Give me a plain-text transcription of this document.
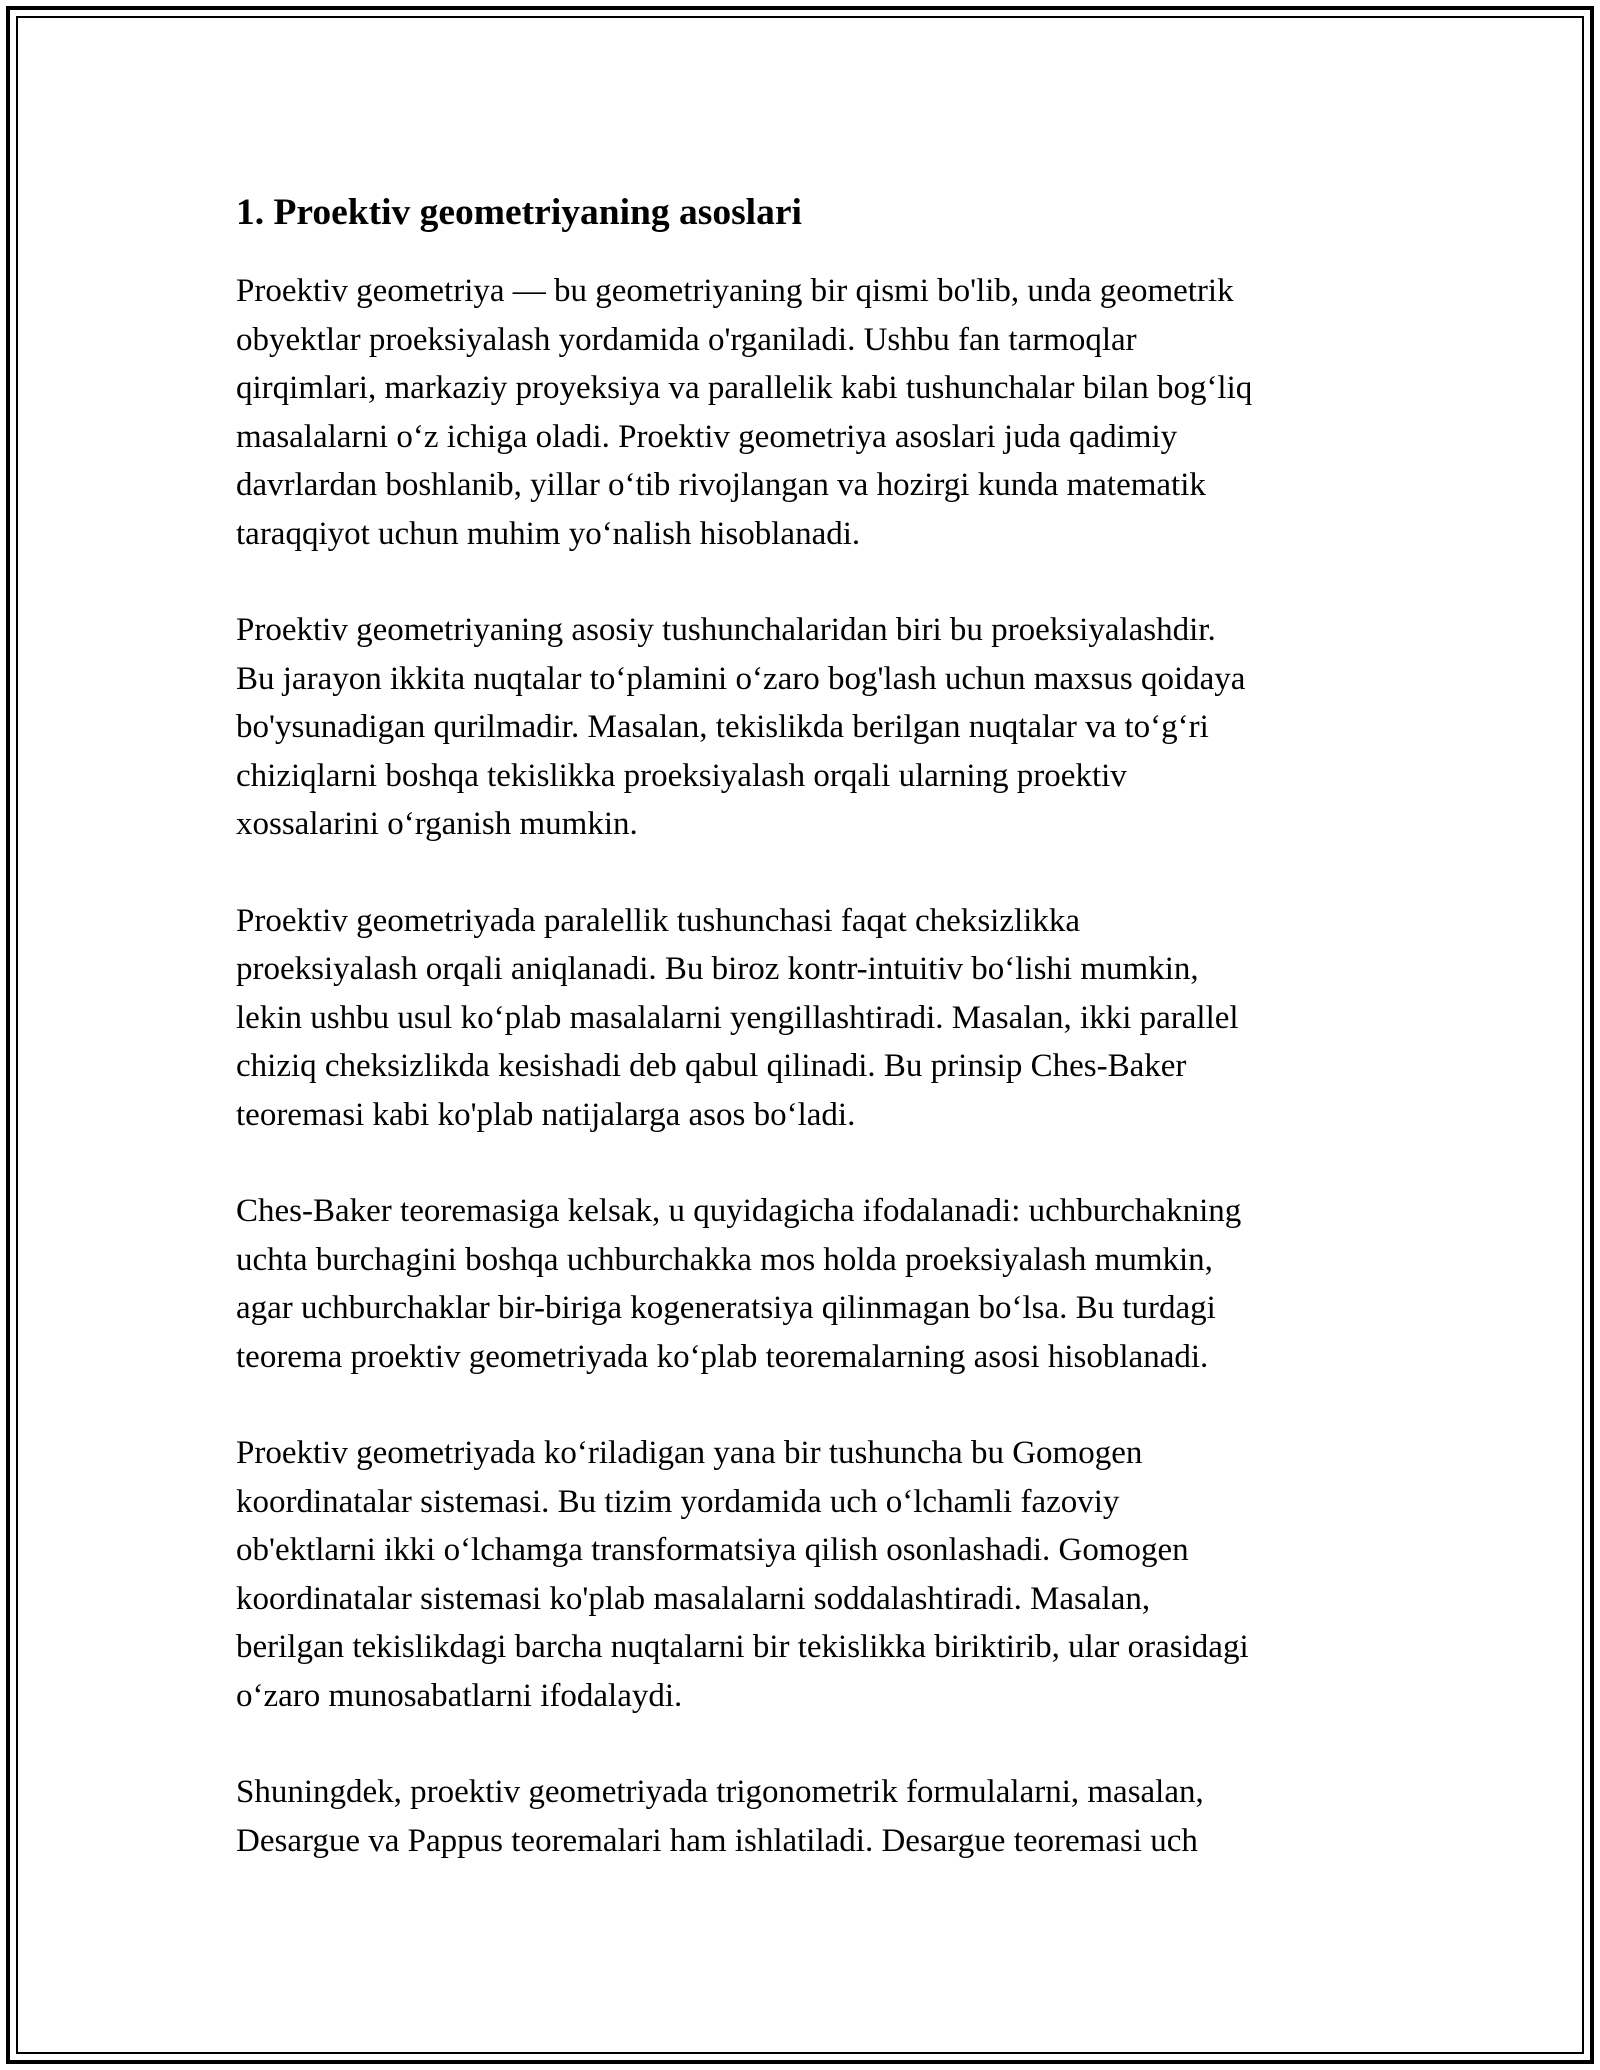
1. Proektiv geometriyaning asoslari

Proektiv geometriya — bu geometriyaning bir qismi bo'lib, unda geometrik
obyektlar proeksiyalash yordamida o'rganiladi. Ushbu fan tarmoqlar
qirqimlari, markaziy proyeksiya va parallelik kabi tushunchalar bilan bog‘liq
masalalarni o‘z ichiga oladi. Proektiv geometriya asoslari juda qadimiy
davrlardan boshlanib, yillar o‘tib rivojlangan va hozirgi kunda matematik
taraqqiyot uchun muhim yo‘nalish hisoblanadi.

Proektiv geometriyaning asosiy tushunchalaridan biri bu proeksiyalashdir.
Bu jarayon ikkita nuqtalar to‘plamini o‘zaro bog'lash uchun maxsus qoidaya
bo'ysunadigan qurilmadir. Masalan, tekislikda berilgan nuqtalar va to‘g‘ri
chiziqlarni boshqa tekislikka proeksiyalash orqali ularning proektiv
xossalarini o‘rganish mumkin.

Proektiv geometriyada paralellik tushunchasi faqat cheksizlikka
proeksiyalash orqali aniqlanadi. Bu biroz kontr-intuitiv bo‘lishi mumkin,
lekin ushbu usul ko‘plab masalalarni yengillashtiradi. Masalan, ikki parallel
chiziq cheksizlikda kesishadi deb qabul qilinadi. Bu prinsip Ches-Baker
teoremasi kabi ko'plab natijalarga asos bo‘ladi.

Ches-Baker teoremasiga kelsak, u quyidagicha ifodalanadi: uchburchakning
uchta burchagini boshqa uchburchakka mos holda proeksiyalash mumkin,
agar uchburchaklar bir-biriga kogeneratsiya qilinmagan bo‘lsa. Bu turdagi
teorema proektiv geometriyada ko‘plab teoremalarning asosi hisoblanadi.

Proektiv geometriyada ko‘riladigan yana bir tushuncha bu Gomogen
koordinatalar sistemasi. Bu tizim yordamida uch o‘lchamli fazoviy
ob'ektlarni ikki o‘lchamga transformatsiya qilish osonlashadi. Gomogen
koordinatalar sistemasi ko'plab masalalarni soddalashtiradi. Masalan,
berilgan tekislikdagi barcha nuqtalarni bir tekislikka biriktirib, ular orasidagi
o‘zaro munosabatlarni ifodalaydi.

Shuningdek, proektiv geometriyada trigonometrik formulalarni, masalan,
Desargue va Pappus teoremalari ham ishlatiladi. Desargue teoremasi uch
